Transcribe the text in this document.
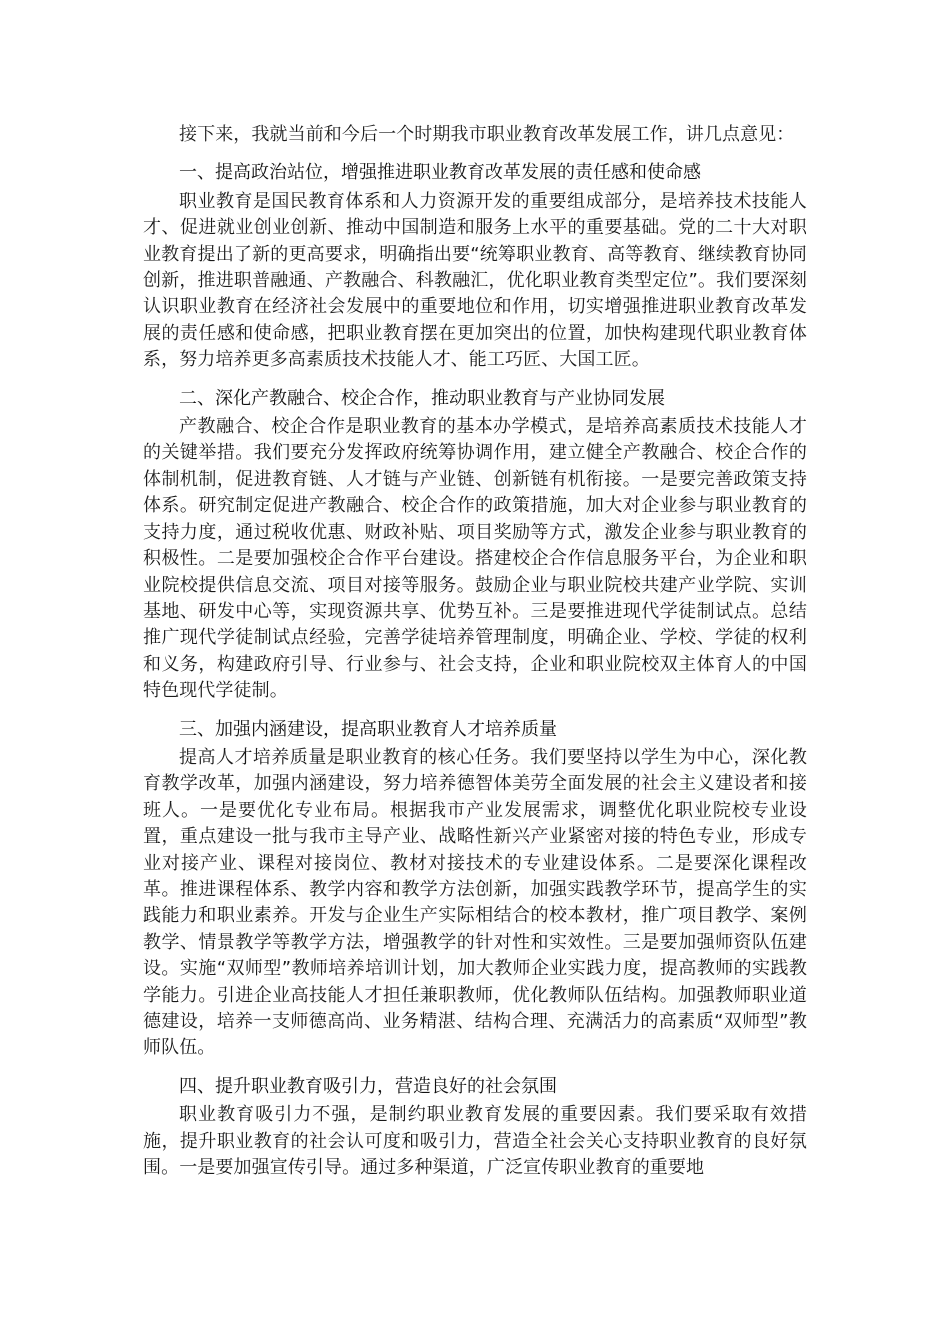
接下来，我就当前和今后一个时期我市职业教育改革发展工作，讲几点意见：

一、提高政治站位，增强推进职业教育改革发展的责任感和使命感

职业教育是国民教育体系和人力资源开发的重要组成部分，是培养技术技能人才、促进就业创业创新、推动中国制造和服务上水平的重要基础。党的二十大对职业教育提出了新的更高要求，明确指出要“统筹职业教育、高等教育、继续教育协同创新，推进职普融通、产教融合、科教融汇，优化职业教育类型定位”。我们要深刻认识职业教育在经济社会发展中的重要地位和作用，切实增强推进职业教育改革发展的责任感和使命感，把职业教育摆在更加突出的位置，加快构建现代职业教育体系，努力培养更多高素质技术技能人才、能工巧匠、大国工匠。

二、深化产教融合、校企合作，推动职业教育与产业协同发展

产教融合、校企合作是职业教育的基本办学模式，是培养高素质技术技能人才的关键举措。我们要充分发挥政府统筹协调作用，建立健全产教融合、校企合作的体制机制，促进教育链、人才链与产业链、创新链有机衔接。一是要完善政策支持体系。研究制定促进产教融合、校企合作的政策措施，加大对企业参与职业教育的支持力度，通过税收优惠、财政补贴、项目奖励等方式，激发企业参与职业教育的积极性。二是要加强校企合作平台建设。搭建校企合作信息服务平台，为企业和职业院校提供信息交流、项目对接等服务。鼓励企业与职业院校共建产业学院、实训基地、研发中心等，实现资源共享、优势互补。三是要推进现代学徒制试点。总结推广现代学徒制试点经验，完善学徒培养管理制度，明确企业、学校、学徒的权利和义务，构建政府引导、行业参与、社会支持，企业和职业院校双主体育人的中国特色现代学徒制。

三、加强内涵建设，提高职业教育人才培养质量

提高人才培养质量是职业教育的核心任务。我们要坚持以学生为中心，深化教育教学改革，加强内涵建设，努力培养德智体美劳全面发展的社会主义建设者和接班人。一是要优化专业布局。根据我市产业发展需求，调整优化职业院校专业设置，重点建设一批与我市主导产业、战略性新兴产业紧密对接的特色专业，形成专业对接产业、课程对接岗位、教材对接技术的专业建设体系。二是要深化课程改革。推进课程体系、教学内容和教学方法创新，加强实践教学环节，提高学生的实践能力和职业素养。开发与企业生产实际相结合的校本教材，推广项目教学、案例教学、情景教学等教学方法，增强教学的针对性和实效性。三是要加强师资队伍建设。实施“双师型”教师培养培训计划，加大教师企业实践力度，提高教师的实践教学能力。引进企业高技能人才担任兼职教师，优化教师队伍结构。加强教师职业道德建设，培养一支师德高尚、业务精湛、结构合理、充满活力的高素质“双师型”教师队伍。

四、提升职业教育吸引力，营造良好的社会氛围

职业教育吸引力不强，是制约职业教育发展的重要因素。我们要采取有效措施，提升职业教育的社会认可度和吸引力，营造全社会关心支持职业教育的良好氛围。一是要加强宣传引导。通过多种渠道，广泛宣传职业教育的重要地
